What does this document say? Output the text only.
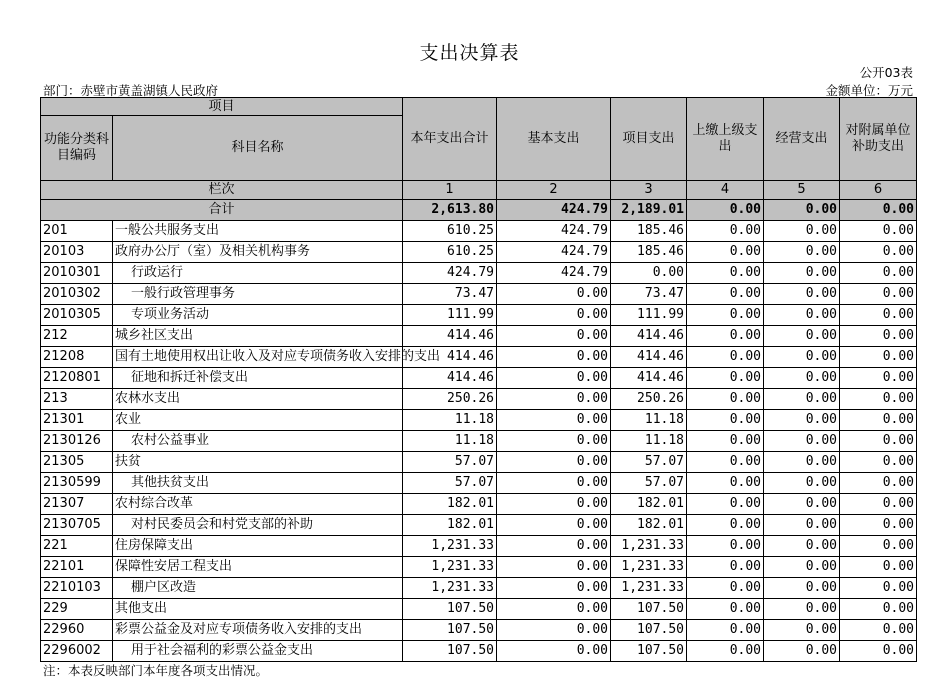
支出决算表
公开03表
部门：赤壁市黄盖湖镇人民政府	金额单位：万元
项目		本年支出合计	基本支出	项目支出	上缴上级支出	经营支出	对附属单位补助支出
功能分类科目编码	科目名称						
栏次		1	2	3	4	5	6
合计		2,613.80	424.79	2,189.01	0.00	0.00	0.00
201	一般公共服务支出	610.25	424.79	185.46	0.00	0.00	0.00
20103	政府办公厅（室）及相关机构事务	610.25	424.79	185.46	0.00	0.00	0.00
2010301	行政运行	424.79	424.79	0.00	0.00	0.00	0.00
2010302	一般行政管理事务	73.47	0.00	73.47	0.00	0.00	0.00
2010305	专项业务活动	111.99	0.00	111.99	0.00	0.00	0.00
212	城乡社区支出	414.46	0.00	414.46	0.00	0.00	0.00
21208	国有土地使用权出让收入及对应专项债务收入安排的支出	414.46	0.00	414.46	0.00	0.00	0.00
2120801	征地和拆迁补偿支出	414.46	0.00	414.46	0.00	0.00	0.00
213	农林水支出	250.26	0.00	250.26	0.00	0.00	0.00
21301	农业	11.18	0.00	11.18	0.00	0.00	0.00
2130126	农村公益事业	11.18	0.00	11.18	0.00	0.00	0.00
21305	扶贫	57.07	0.00	57.07	0.00	0.00	0.00
2130599	其他扶贫支出	57.07	0.00	57.07	0.00	0.00	0.00
21307	农村综合改革	182.01	0.00	182.01	0.00	0.00	0.00
2130705	对村民委员会和村党支部的补助	182.01	0.00	182.01	0.00	0.00	0.00
221	住房保障支出	1,231.33	0.00	1,231.33	0.00	0.00	0.00
22101	保障性安居工程支出	1,231.33	0.00	1,231.33	0.00	0.00	0.00
2210103	棚户区改造	1,231.33	0.00	1,231.33	0.00	0.00	0.00
229	其他支出	107.50	0.00	107.50	0.00	0.00	0.00
22960	彩票公益金及对应专项债务收入安排的支出	107.50	0.00	107.50	0.00	0.00	0.00
2296002	用于社会福利的彩票公益金支出	107.50	0.00	107.50	0.00	0.00	0.00
注：本表反映部门本年度各项支出情况。
